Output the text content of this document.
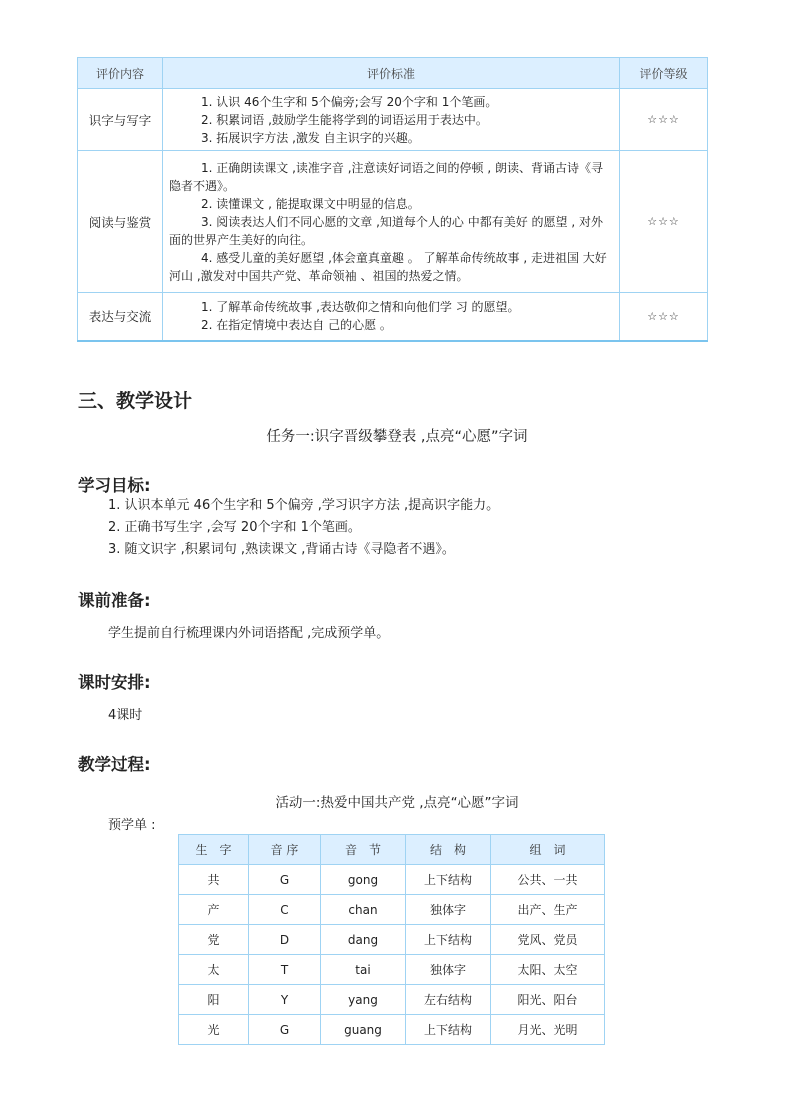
评价内容	评价标准	评价等级
识字与写字	1. 认识 46个生字和 5个偏旁;会写 20个字和 1个笔画。
2. 积累词语 ,鼓励学生能将学到的词语运用于表达中。
3. 拓展识字方法 ,激发 自主识字的兴趣。	☆☆☆
阅读与鉴赏	1. 正确朗读课文 ,读准字音 ,注意读好词语之间的停顿 , 朗读、背诵古诗《寻隐者不遇》。
2. 读懂课文 , 能提取课文中明显的信息。
3. 阅读表达人们不同心愿的文章 ,知道每个人的心 中都有美好 的愿望 , 对外面的世界产生美好的向往。
4. 感受儿童的美好愿望 ,体会童真童趣 。 了解革命传统故事 , 走进祖国 大好河山 ,激发对中国共产党、革命领袖 、祖国的热爱之情。	☆☆☆
表达与交流	1. 了解革命传统故事 ,表达敬仰之情和向他们学 习 的愿望。
2. 在指定情境中表达自 己的心愿 。	☆☆☆
三、教学设计

任务一:识字晋级攀登表 ,点亮“心愿”字词

学习目标:
1. 认识本单元 46个生字和 5个偏旁 ,学习识字方法 ,提高识字能力。
2. 正确书写生字 ,会写 20个字和 1个笔画。
3. 随文识字 ,积累词句 ,熟读课文 ,背诵古诗《寻隐者不遇》。
课前准备:

学生提前自行梳理课内外词语搭配 ,完成预学单。

课时安排:

4课时

教学过程:

活动一:热爱中国共产党 ,点亮“心愿”字词

预学单 :

生　字	音 序	音　节	结　构	组　词
共	G	gong	上下结构	公共、一共
产	C	chan	独体字	出产、生产
党	D	dang	上下结构	党风、党员
太	T	tai	独体字	太阳、太空
阳	Y	yang	左右结构	阳光、阳台
光	G	guang	上下结构	月光、光明
